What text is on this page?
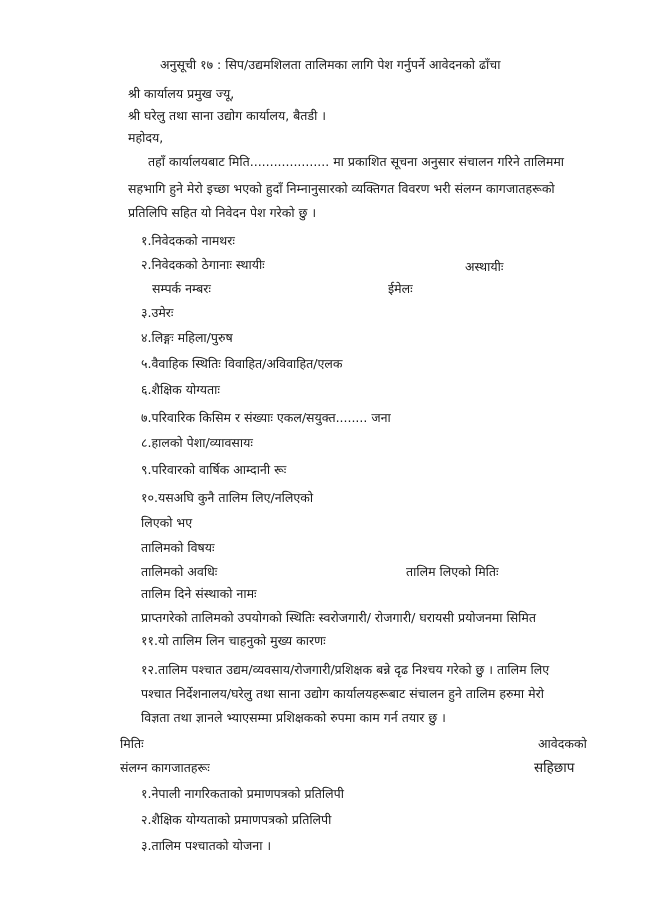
अनुसूची १७ : सिप/उद्यमशिलता तालिमका लागि पेश गर्नुपर्ने आवेदनको ढाँचा
श्री कार्यालय प्रमुख ज्यू,
श्री घरेलु तथा साना उद्योग कार्यालय, बैतडी ।
महोदय,
तहाँ कार्यालयबाट मिति.................... मा प्रकाशित सूचना अनुसार संचालन गरिने तालिममा
सहभागि हुने मेरो इच्छा भएको हुदाँ निम्नानुसारको व्यक्तिगत विवरण भरी संलग्न कागजातहरूको
प्रतिलिपि सहित यो निवेदन पेश गरेको छु ।
१.निवेदकको नामथरः
२.निवेदकको ठेगानाः स्थायीः	अस्थायीः
सम्पर्क नम्बरः	ईमेलः
३.उमेरः
४.लिङ्गः महिला/पुरुष
५.वैवाहिक स्थितिः विवाहित/अविवाहित/एलक
६.शैक्षिक योग्यताः
७.परिवारिक किसिम र संख्याः एकल/सयुक्त........ जना
८.हालको पेशा/व्यावसायः
९.परिवारको वार्षिक आम्दानी रूः
१०.यसअघि कुनै तालिम लिए/नलिएको
लिएको भए
तालिमको विषयः
तालिमको अवधिः	तालिम लिएको मितिः
तालिम दिने संस्थाको नामः
प्राप्तगरेको तालिमको उपयोगको स्थितिः स्वरोजगारी/ रोजगारी/ घरायसी प्रयोजनमा सिमित
११.यो तालिम लिन चाहनुको मुख्य कारणः
१२.तालिम पश्चात उद्यम/व्यवसाय/रोजगारी/प्रशिक्षक बन्ने दृढ निश्चय गरेको छु । तालिम लिए
पश्चात निर्देशनालय/घरेलु तथा साना उद्योग कार्यालयहरूबाट संचालन हुने तालिम हरुमा मेरो
विज्ञता तथा ज्ञानले भ्याएसम्मा प्रशिक्षकको रुपमा काम गर्न तयार छु ।
मितिः	आवेदकको
संलग्न कागजातहरूः	सहिछाप
१.नेपाली नागरिकताको प्रमाणपत्रको प्रतिलिपी
२.शैक्षिक योग्यताको प्रमाणपत्रको प्रतिलिपी
३.तालिम पश्चातको योजना ।
